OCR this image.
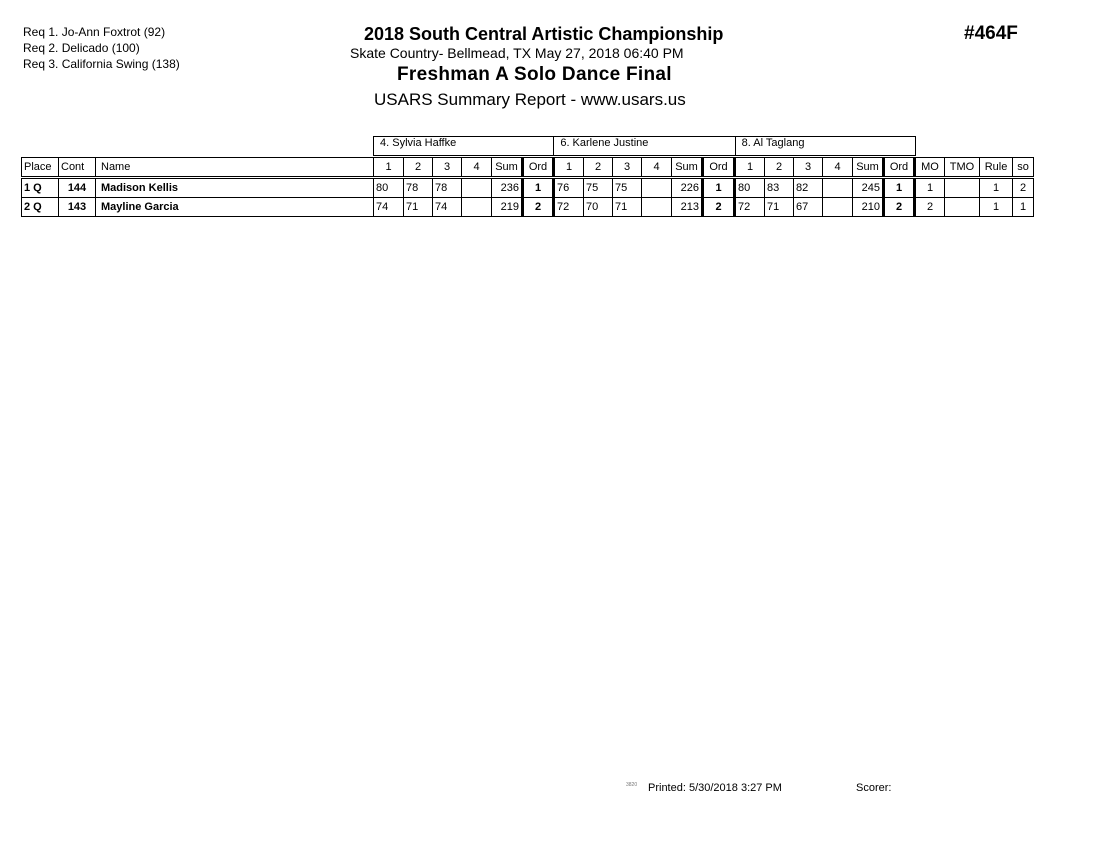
Req 1. Jo-Ann Foxtrot (92)
Req 2. Delicado (100)
Req 3. California Swing (138)
2018 South Central Artistic Championship
Skate Country- Bellmead, TX May 27, 2018 06:40 PM
Freshman A Solo Dance Final
USARS Summary Report - www.usars.us
#464F
4. Sylvia Haffke	6. Karlene Justine	8. Al Taglang
Place	Cont	Name	1	2	3	4	Sum	Ord	1	2	3	4	Sum	Ord	1	2	3	4	Sum	Ord	MO	TMO	Rule	so
1 Q	144	Madison Kellis	80	78	78		236	1	76	75	75		226	1	80	83	82		245	1	1		1	2
2 Q	143	Mayline Garcia	74	71	74		219	2	72	70	71		213	2	72	71	67		210	2	2		1	1
3820 Printed: 5/30/2018 3:27 PM	Scorer:
